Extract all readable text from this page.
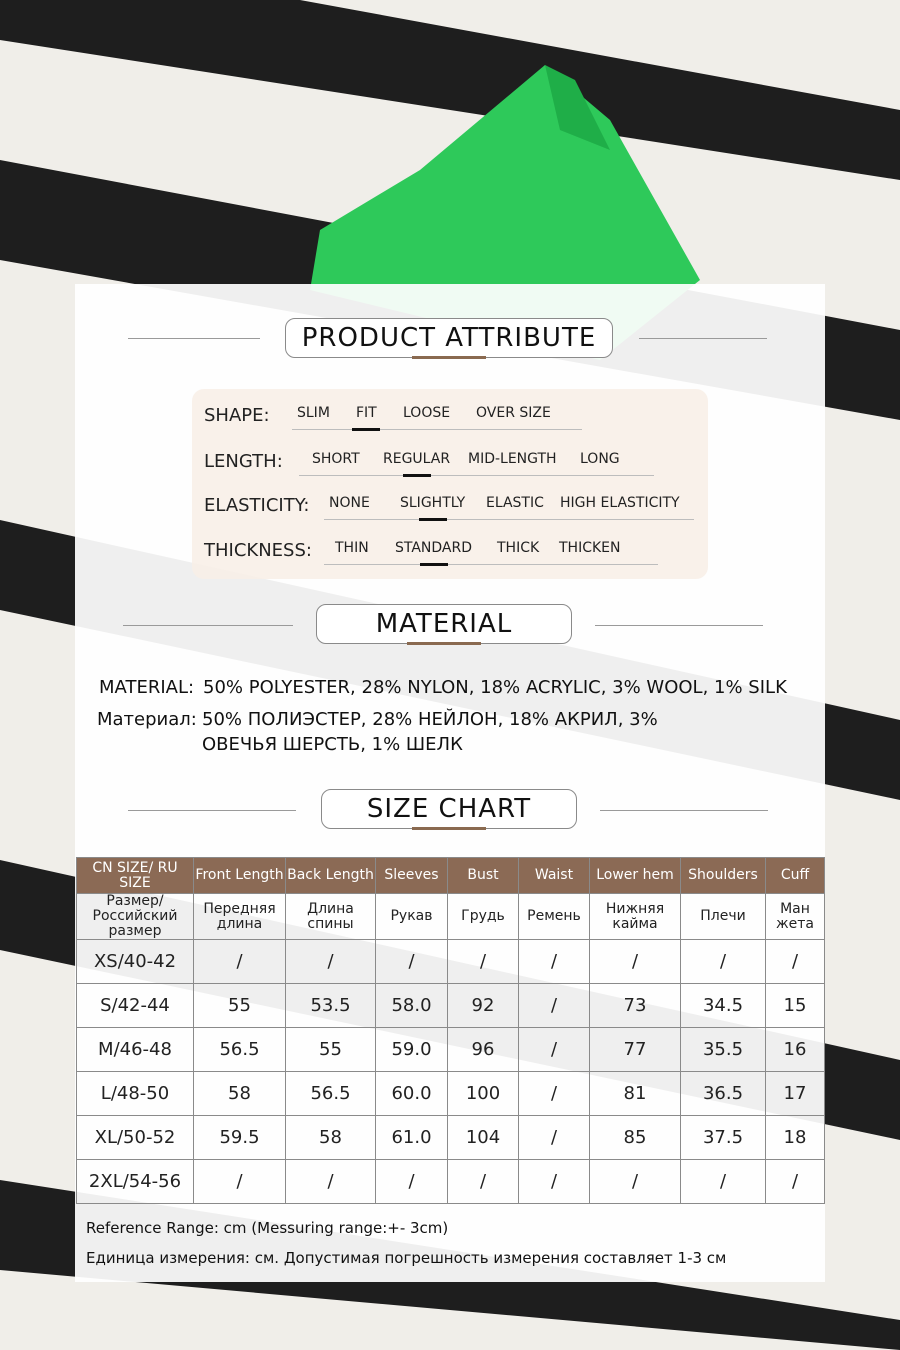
PRODUCT ATTRIBUTE
SHAPE: SLIM FIT LOOSE OVER SIZE
LENGTH: SHORT REGULAR MID-LENGTH LONG
ELASTICITY: NONE SLIGHTLY ELASTIC HIGH ELASTICITY
THICKNESS: THIN STANDARD THICK THICKEN
MATERIAL
MATERIAL: 50% POLYESTER, 28% NYLON, 18% ACRYLIC, 3% WOOL, 1% SILK
Материал: 50% ПОЛИЭСТЕР, 28% НЕЙЛОН, 18% АКРИЛ, 3%
ОВЕЧЬЯ ШЕРСТЬ, 1% ШЕЛК
SIZE CHART
CN SIZE/ RU SIZE	Front Length	Back Length	Sleeves	Bust	Waist	Lower hem	Shoulders	Cuff
Размер/ Российский размер	Передняя длина	Длина спины	Рукав	Грудь	Ремень	Нижняя кайма	Плечи	Ман жета
XS/40-42	/	/	/	/	/	/	/	/
S/42-44	55	53.5	58.0	92	/	73	34.5	15
M/46-48	56.5	55	59.0	96	/	77	35.5	16
L/48-50	58	56.5	60.0	100	/	81	36.5	17
XL/50-52	59.5	58	61.0	104	/	85	37.5	18
2XL/54-56	/	/	/	/	/	/	/	/
Reference Range: cm (Messuring range:+- 3cm)
Единица измерения: см. Допустимая погрешность измерения составляет 1-3 см
